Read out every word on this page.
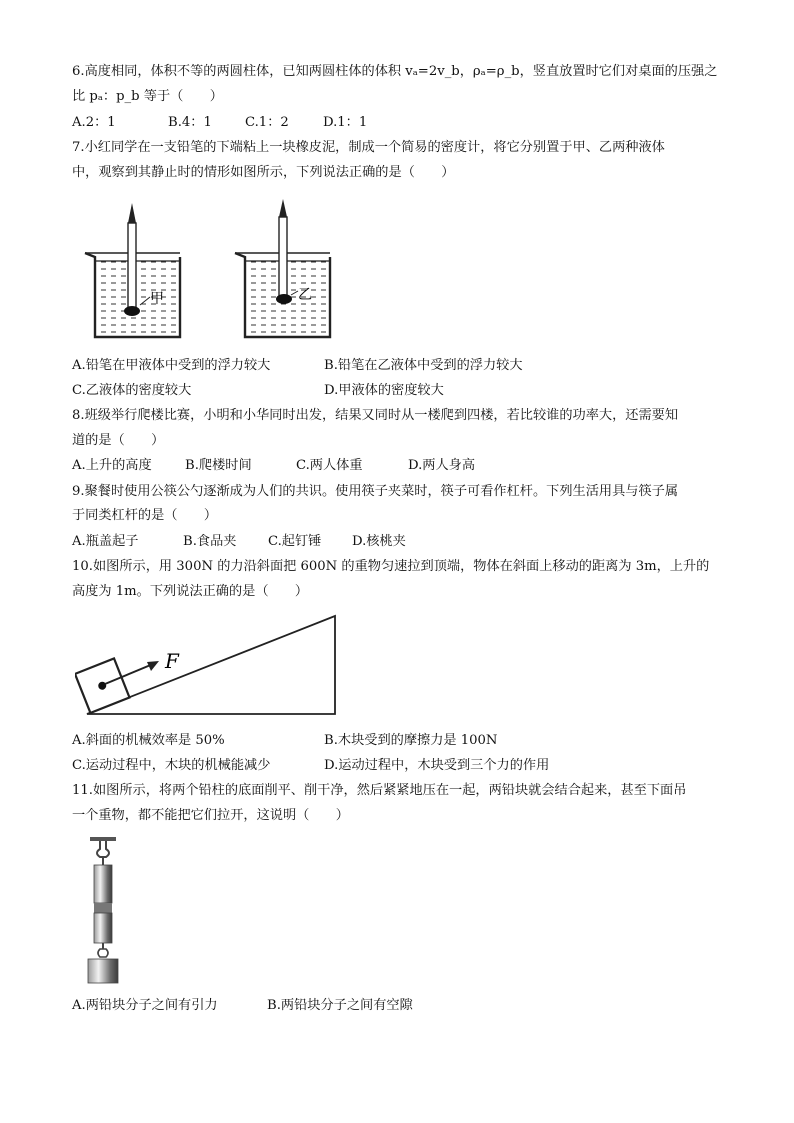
6.高度相同，体积不等的两圆柱体，已知两圆柱体的体积 vₐ=2v_b，ρₐ=ρ_b，竖直放置时它们对桌面的压强之
比 pₐ：p_b 等于（　　）
A.2：1	B.4：1	C.1：2	D.1：1
7.小红同学在一支铅笔的下端粘上一块橡皮泥，制成一个简易的密度计，将它分别置于甲、乙两种液体
中，观察到其静止时的情形如图所示，下列说法正确的是（　　）
甲	乙
A.铅笔在甲液体中受到的浮力较大	B.铅笔在乙液体中受到的浮力较大
C.乙液体的密度较大	D.甲液体的密度较大
8.班级举行爬楼比赛，小明和小华同时出发，结果又同时从一楼爬到四楼，若比较谁的功率大，还需要知
道的是（　　）
A.上升的高度	B.爬楼时间	C.两人体重	D.两人身高
9.聚餐时使用公筷公勺逐渐成为人们的共识。使用筷子夹菜时，筷子可看作杠杆。下列生活用具与筷子属
于同类杠杆的是（　　）
A.瓶盖起子	B.食品夹 C.起钉锤 D.核桃夹
10.如图所示，用 300N 的力沿斜面把 600N 的重物匀速拉到顶端，物体在斜面上移动的距离为 3m，上升的
高度为 1m。下列说法正确的是（　　）
F
A.斜面的机械效率是 50%	B.木块受到的摩擦力是 100N
C.运动过程中，木块的机械能减少	D.运动过程中，木块受到三个力的作用
11.如图所示，将两个铅柱的底面削平、削干净，然后紧紧地压在一起，两铅块就会结合起来，甚至下面吊
一个重物，都不能把它们拉开，这说明（　　）
A.两铅块分子之间有引力	B.两铅块分子之间有空隙
